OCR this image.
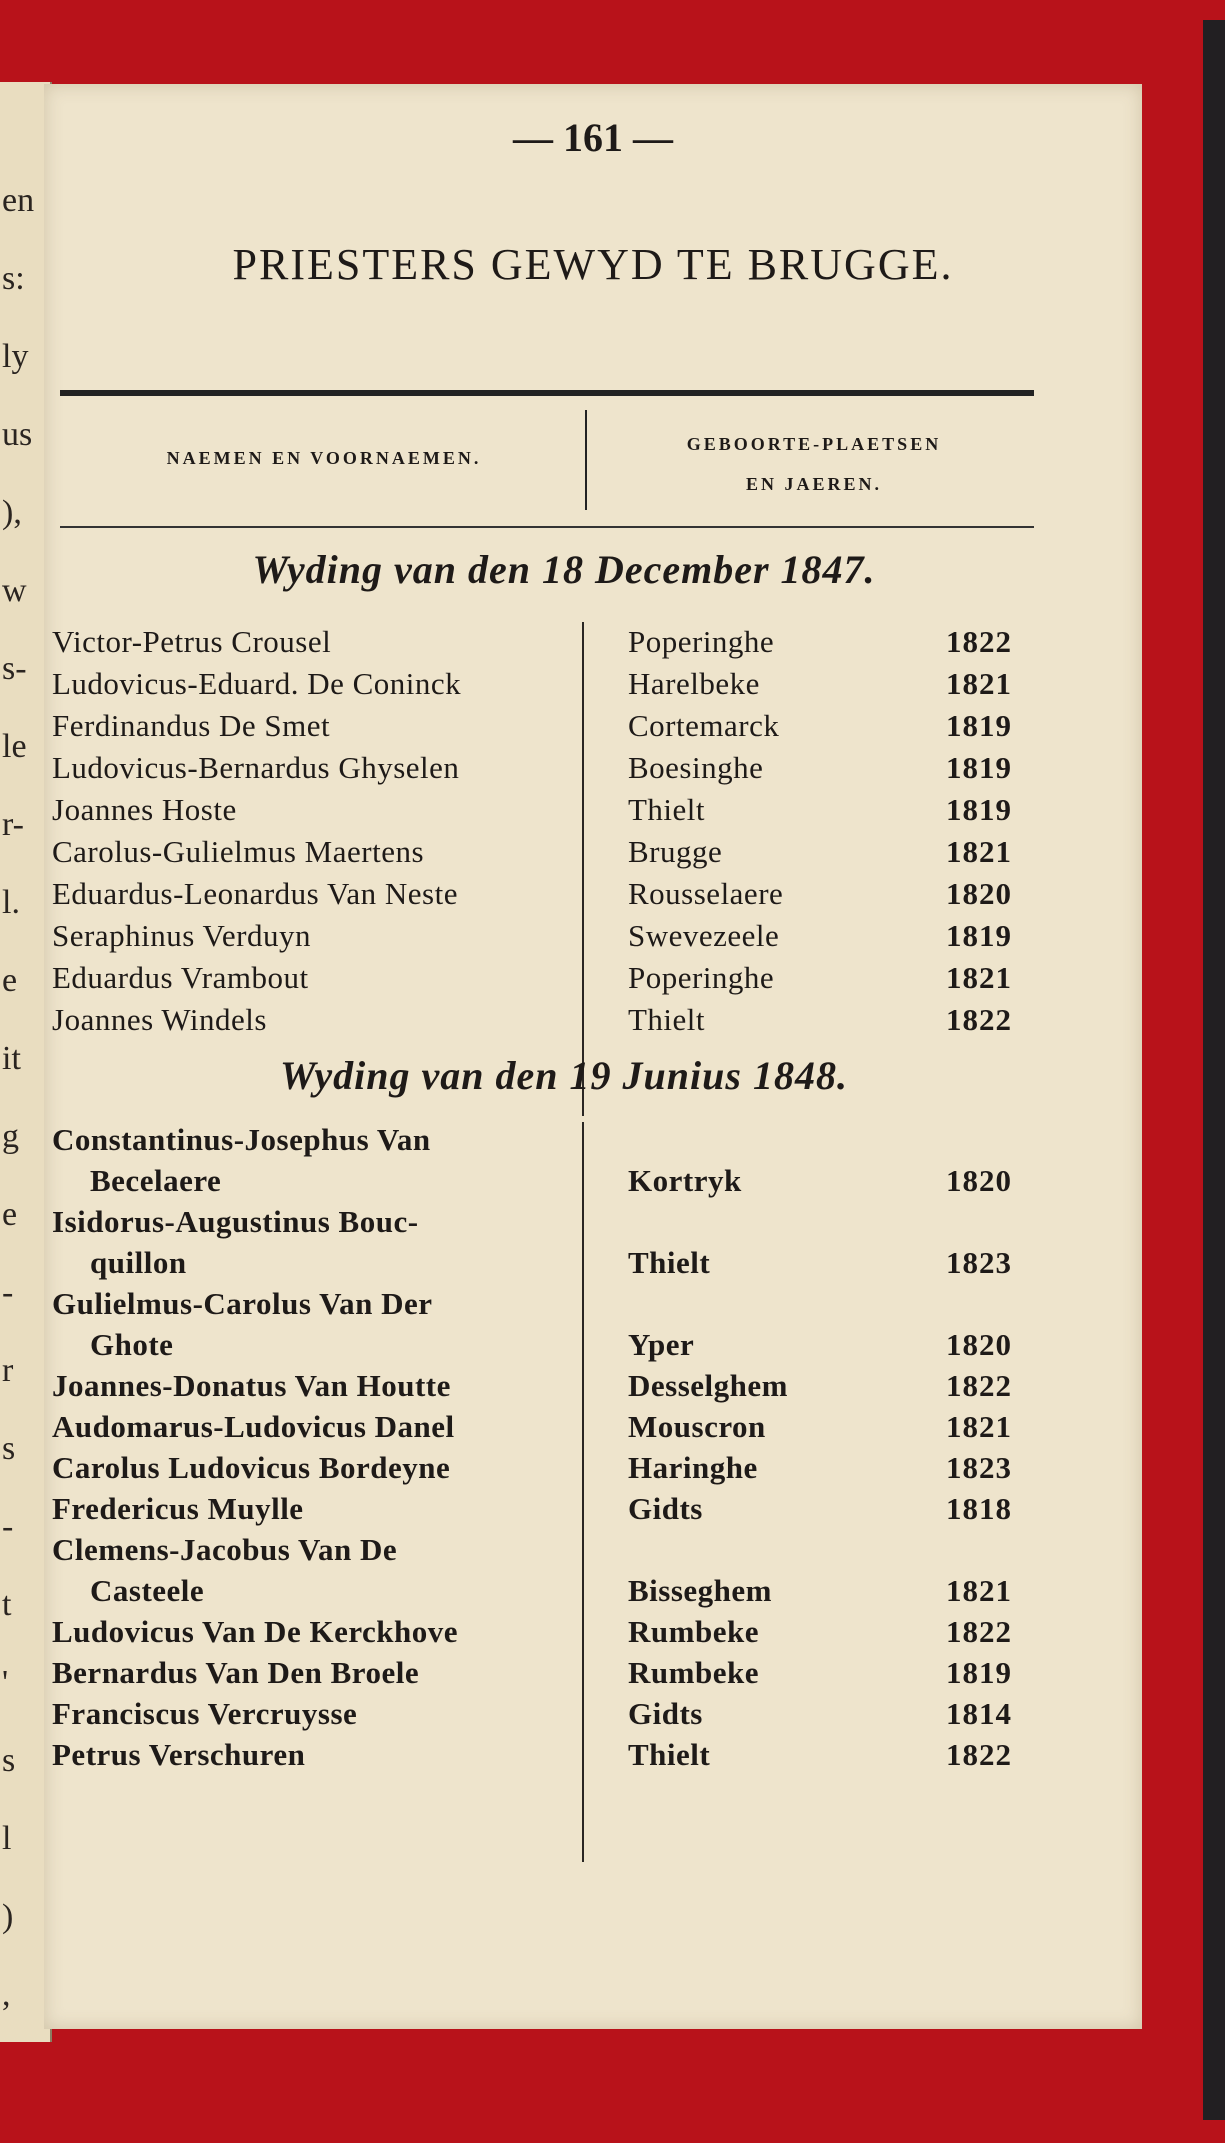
en
s:
ly
us
),
w
s-
le
r-
l.
e
it
g
e
-
r
s
-
t
'
s
l
)
,
— 161 —
PRIESTERS GEWYD TE BRUGGE.
NAEMEN EN VOORNAEMEN.
GEBOORTE-PLAETSEN
EN JAEREN.
Wyding van den 18 December 1847.
Victor-Petrus Crousel	Poperinghe	1822
Ludovicus-Eduard. De Coninck	Harelbeke	1821
Ferdinandus De Smet	Cortemarck	1819
Ludovicus-Bernardus Ghyselen	Boesinghe	1819
Joannes Hoste	Thielt	1819
Carolus-Gulielmus Maertens	Brugge	1821
Eduardus-Leonardus Van Neste	Rousselaere	1820
Seraphinus Verduyn	Swevezeele	1819
Eduardus Vrambout	Poperinghe	1821
Joannes Windels	Thielt	1822
Wyding van den 19 Junius 1848.
Constantinus-Josephus Van
Becelaere	Kortryk	1820
Isidorus-Augustinus Bouc-
quillon	Thielt	1823
Gulielmus-Carolus Van Der
Ghote	Yper	1820
Joannes-Donatus Van Houtte	Desselghem	1822
Audomarus-Ludovicus Danel	Mouscron	1821
Carolus Ludovicus Bordeyne	Haringhe	1823
Fredericus Muylle	Gidts	1818
Clemens-Jacobus Van De
Casteele	Bisseghem	1821
Ludovicus Van De Kerckhove	Rumbeke	1822
Bernardus Van Den Broele	Rumbeke	1819
Franciscus Vercruysse	Gidts	1814
Petrus Verschuren	Thielt	1822
